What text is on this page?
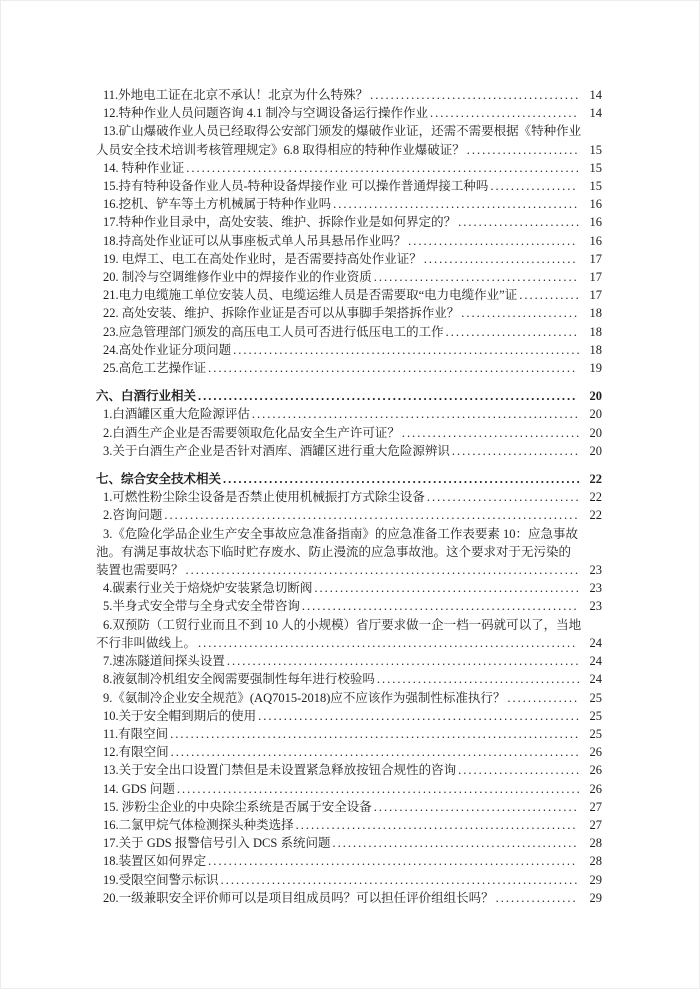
11.外地电工证在北京不承认！北京为什么特殊？ ......................................... 14
12.特种作业人员问题咨询 4.1 制冷与空调设备运行操作作业 ............................. 14
13.矿山爆破作业人员已经取得公安部门颁发的爆破作业证，还需不需要根据《特种作业人员安全技术培训考核管理规定》6.8 取得相应的特种作业爆破证？ ...................... 15
14. 特种作业证 ............................................................................. 15
15.持有特种设备作业人员-特种设备焊接作业 可以操作普通焊接工种吗 ................. 15
16.挖机、铲车等土方机械属于特种作业吗 ................................................ 16
17.特种作业目录中，高处安装、维护、拆除作业是如何界定的？ ........................ 16
18.持高处作业证可以从事座板式单人吊具悬吊作业吗？ ................................. 16
19. 电焊工、电工在高处作业时，是否需要持高处作业证？ .............................. 17
20. 制冷与空调维修作业中的焊接作业的作业资质 ........................................ 17
21.电力电缆施工单位安装人员、电缆运维人员是否需要取“电力电缆作业”证 ............ 17
22. 高处安装、维护、拆除作业证是否可以从事脚手架搭拆作业？ ....................... 18
23.应急管理部门颁发的高压电工人员可否进行低压电工的工作 .......................... 18
24.高处作业证分项问题 .................................................................... 18
25.高危工艺操作证 ........................................................................ 19
六、白酒行业相关 .......................................................................... 20
1.白酒罐区重大危险源评估 ................................................................ 20
2.白酒生产企业是否需要领取危化品安全生产许可证？ ................................... 20
3.关于白酒生产企业是否针对酒库、酒罐区进行重大危险源辨识 ......................... 20
七、综合安全技术相关 ...................................................................... 22
1.可燃性粉尘除尘设备是否禁止使用机械振打方式除尘设备 .............................. 22
2.咨询问题 ................................................................................. 22
3.《危险化学品企业生产安全事故应急准备指南》的应急准备工作表要素 10：应急事故池。有满足事故状态下临时贮存废水、防止漫流的应急事故池。这个要求对于无污染的装置也需要吗？ ............................................................................. 23
4.碳素行业关于焙烧炉安装紧急切断阀 .................................................... 23
5.半身式安全带与全身式安全带咨询 ...................................................... 23
6.双预防（工贸行业而且不到 10 人的小规模）省厅要求做一企一档一码就可以了，当地不行非叫做线上。 .......................................................................... 24
7.速冻隧道间探头设置 ..................................................................... 24
8.液氨制冷机组安全阀需要强制性每年进行校验吗 ........................................ 24
9.《氨制冷企业安全规范》(AQ7015-2018)应不应该作为强制性标准执行？ .............. 25
10.关于安全帽到期后的使用 ............................................................... 25
11.有限空间 ................................................................................ 25
12.有限空间 ................................................................................ 26
13.关于安全出口设置门禁但是未设置紧急释放按钮合规性的咨询 ........................ 26
14. GDS 问题 ............................................................................... 26
15. 涉粉尘企业的中央除尘系统是否属于安全设备 ........................................ 27
16.二氯甲烷气体检测探头种类选择 ....................................................... 27
17.关于 GDS 报警信号引入 DCS 系统问题 ................................................ 28
18.装置区如何界定 ........................................................................ 28
19.受限空间警示标识 ...................................................................... 29
20.一级兼职安全评价师可以是项目组成员吗？可以担任评价组组长吗？ ................ 29
